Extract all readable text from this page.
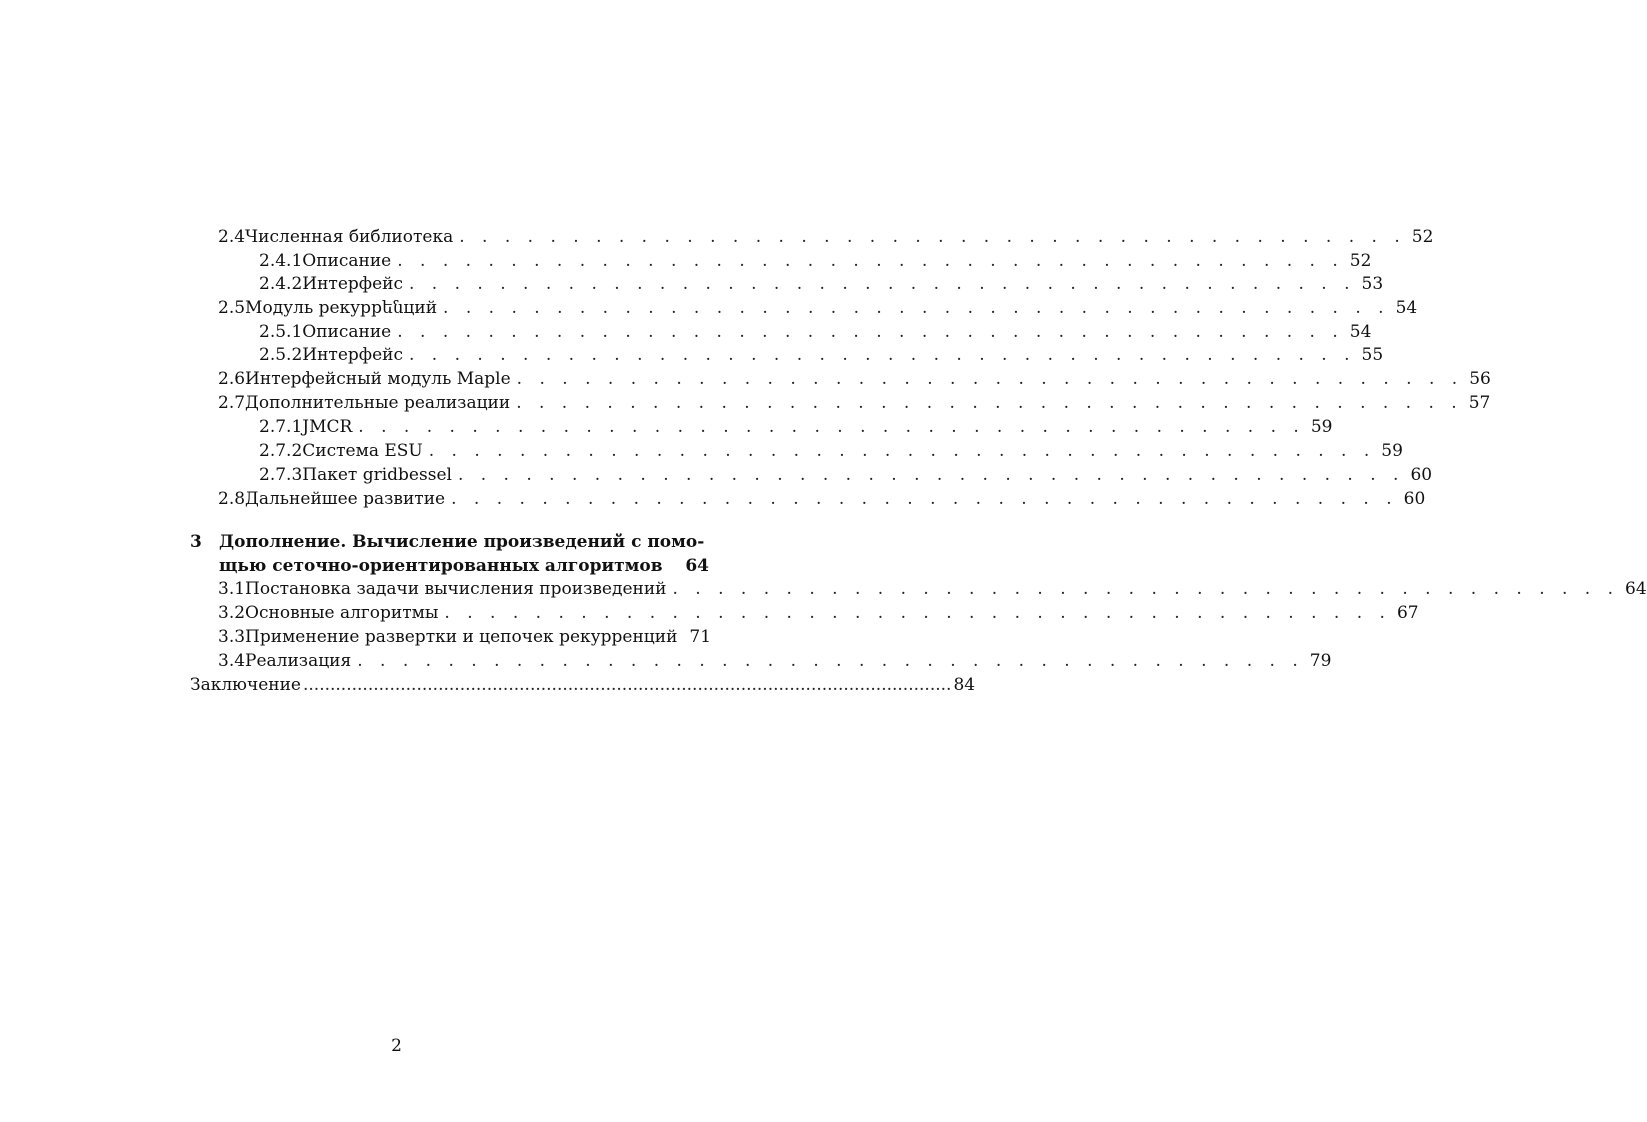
2.4 Численная библиотека . . . . . . . . . . . . . . . . . . . . . . . . . . . . . . . . . . . . . . . . . . 52
2.4.1 Описание . . . . . . . . . . . . . . . . . . . . . . . . . . . . . . . . . . . . . . . . . . 52
2.4.2 Интерфейс . . . . . . . . . . . . . . . . . . . . . . . . . . . . . . . . . . . . . . . . . . 53
2.5 Модуль рекуррենций . . . . . . . . . . . . . . . . . . . . . . . . . . . . . . . . . . . . . . . . . . 54
2.5.1 Описание . . . . . . . . . . . . . . . . . . . . . . . . . . . . . . . . . . . . . . . . . . 54
2.5.2 Интерфейс . . . . . . . . . . . . . . . . . . . . . . . . . . . . . . . . . . . . . . . . . . 55
2.6 Интерфейсный модуль Maple . . . . . . . . . . . . . . . . . . . . . . . . . . . . . . . . . . . . . . . . . . 56
2.7 Дополнительные реализации . . . . . . . . . . . . . . . . . . . . . . . . . . . . . . . . . . . . . . . . . . 57
2.7.1 JMCR . . . . . . . . . . . . . . . . . . . . . . . . . . . . . . . . . . . . . . . . . . 59
2.7.2 Система ESU . . . . . . . . . . . . . . . . . . . . . . . . . . . . . . . . . . . . . . . . . . 59
2.7.3 Пакет gridbessel . . . . . . . . . . . . . . . . . . . . . . . . . . . . . . . . . . . . . . . . . . 60
2.8 Дальнейшее развитие . . . . . . . . . . . . . . . . . . . . . . . . . . . . . . . . . . . . . . . . . . 60
3 Дополнение. Вычисление произведений с помо-
щью сеточно-ориентированных алгоритмов 64
3.1 Постановка задачи вычисления произведений . . . . . . . . . . . . . . . . . . . . . . . . . . . . . . . . . . . . . . . . . . 64
3.2 Основные алгоритмы . . . . . . . . . . . . . . . . . . . . . . . . . . . . . . . . . . . . . . . . . . 67
3.3 Применение развертки и цепочек рекурренций 71
3.4 Реализация . . . . . . . . . . . . . . . . . . . . . . . . . . . . . . . . . . . . . . . . . . 79
Заключение ........................................................................................................................ 84
2
